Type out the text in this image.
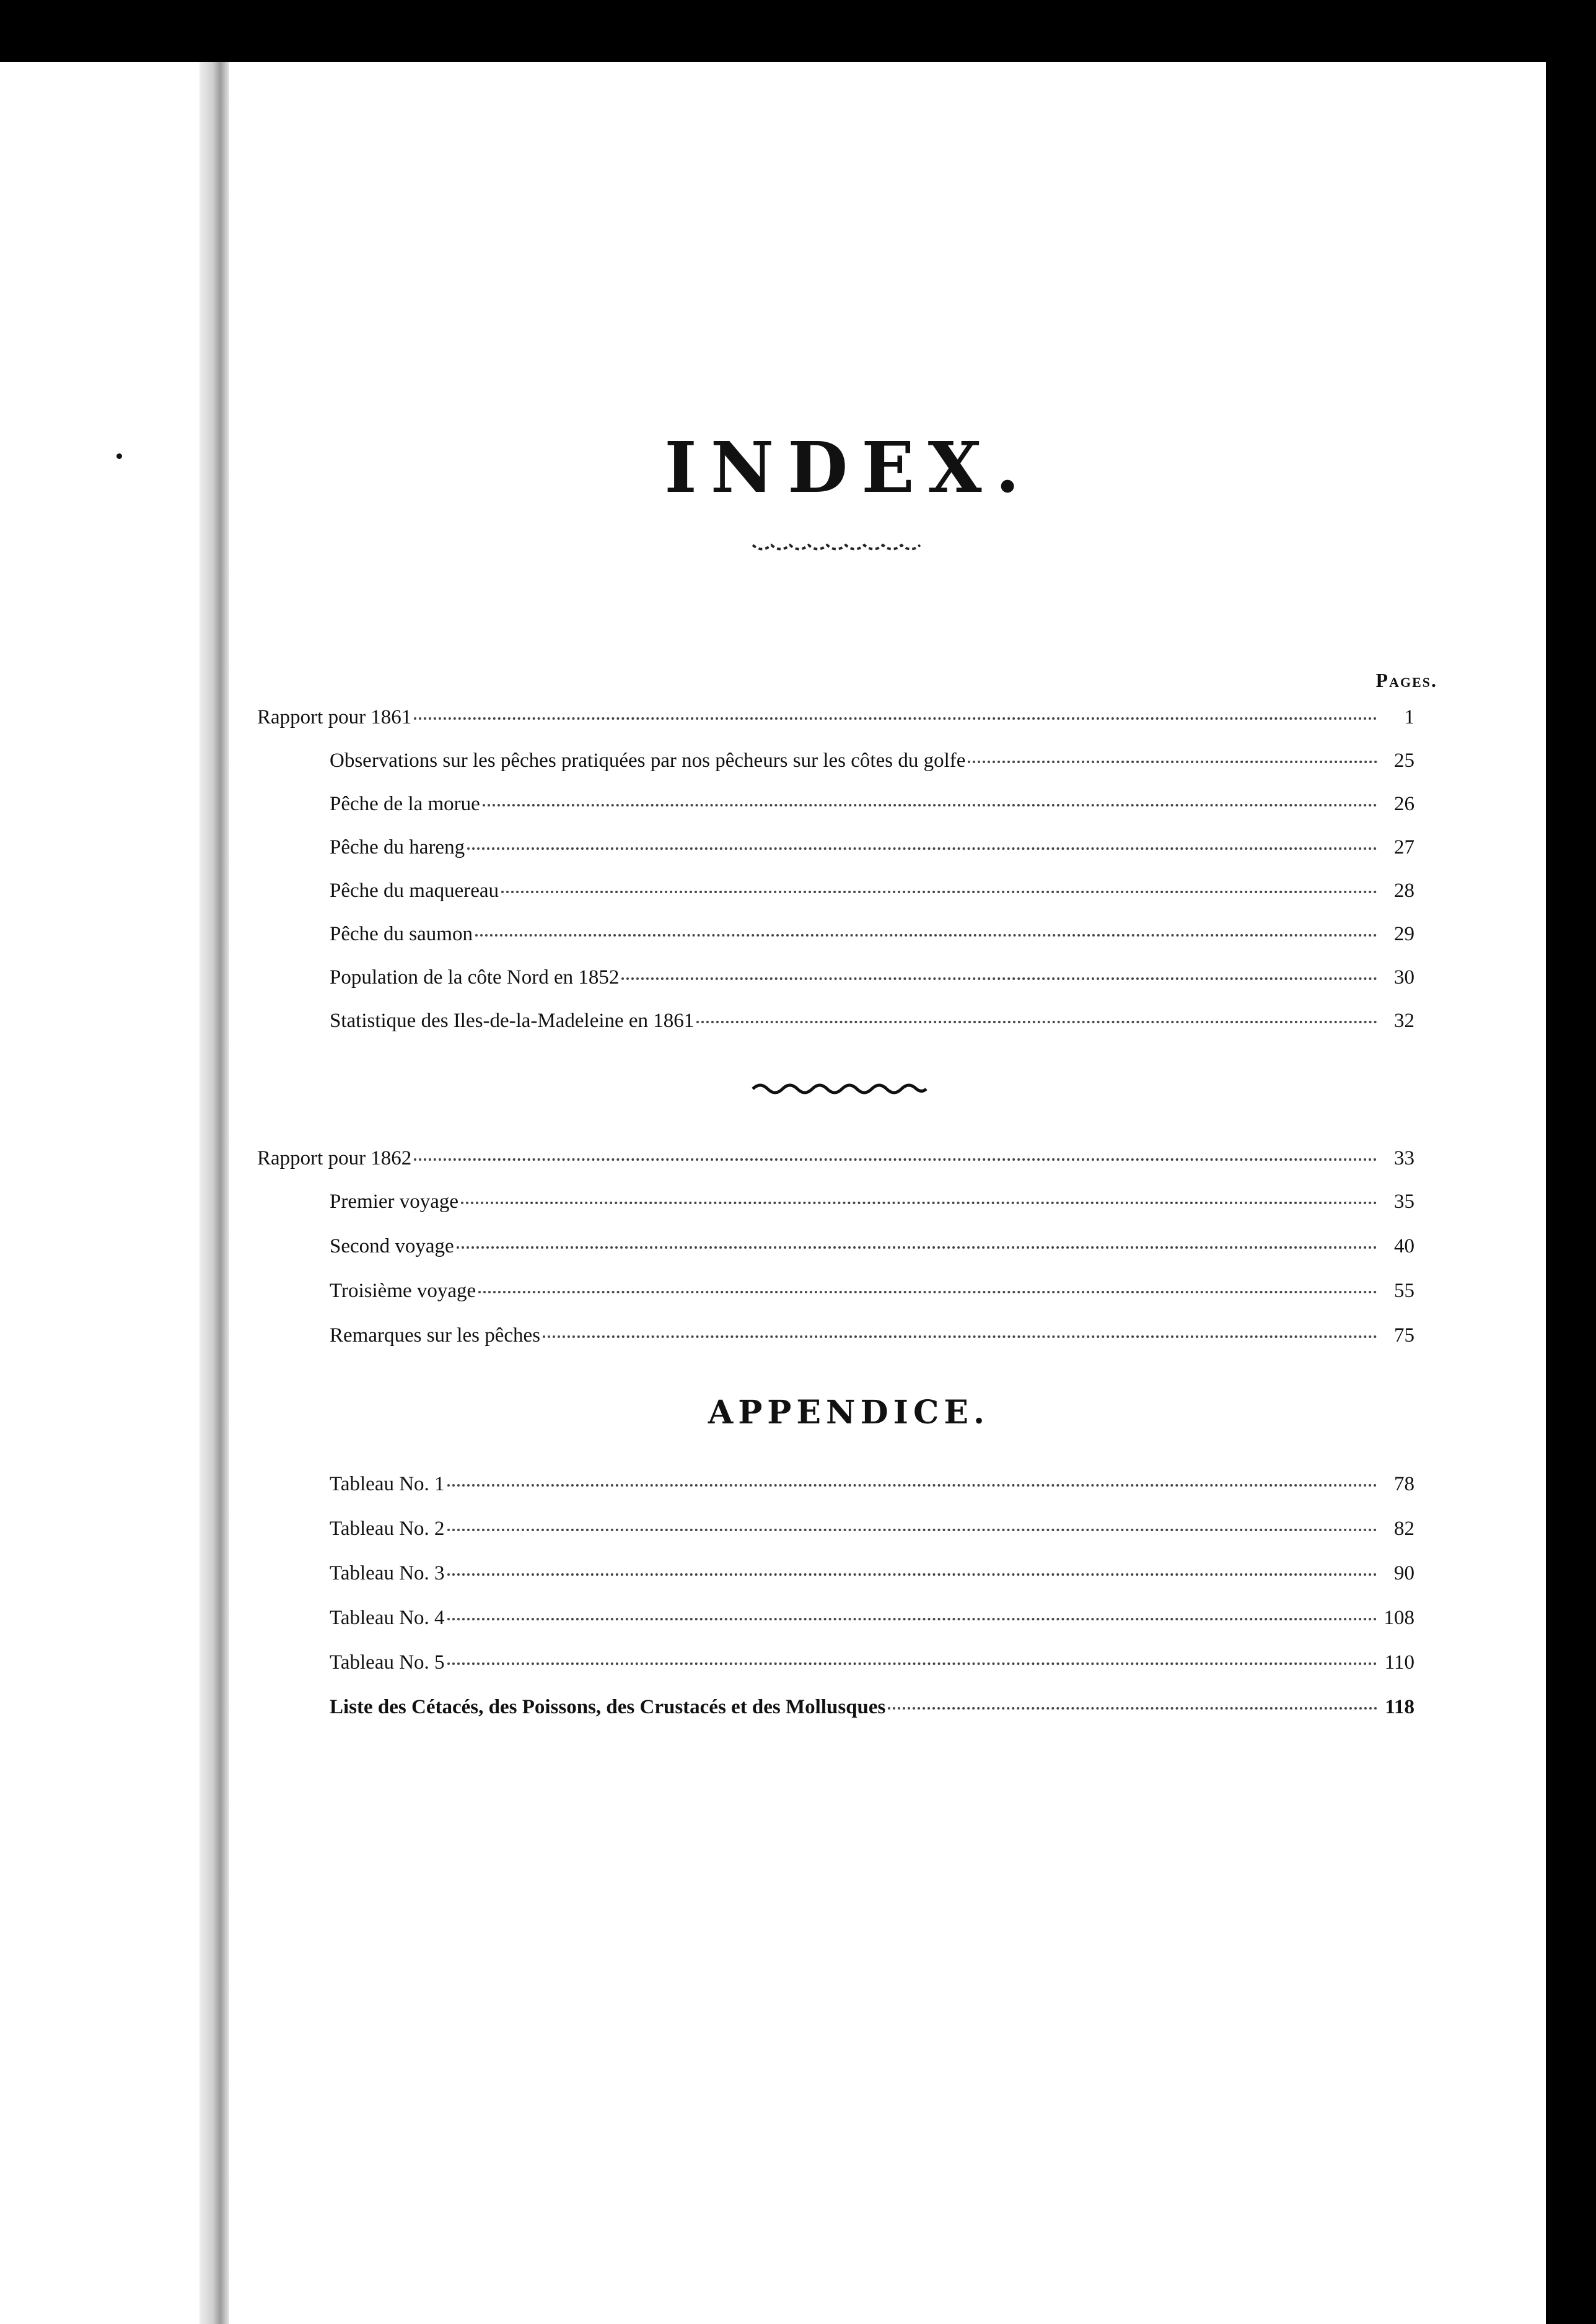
INDEX.
Pages.
Rapport pour 1861	1
Observations sur les pêches pratiquées par nos pêcheurs sur les côtes du golfe	25
Pêche de la morue	26
Pêche du hareng	27
Pêche du maquereau	28
Pêche du saumon	29
Population de la côte Nord en 1852	30
Statistique des Iles-de-la-Madeleine en 1861	32
Rapport pour 1862	33
Premier voyage	35
Second voyage	40
Troisième voyage	55
Remarques sur les pêches	75
APPENDICE.
Tableau No. 1	78
Tableau No. 2	82
Tableau No. 3	90
Tableau No. 4	108
Tableau No. 5	110
Liste des Cétacés, des Poissons, des Crustacés et des Mollusques	118
